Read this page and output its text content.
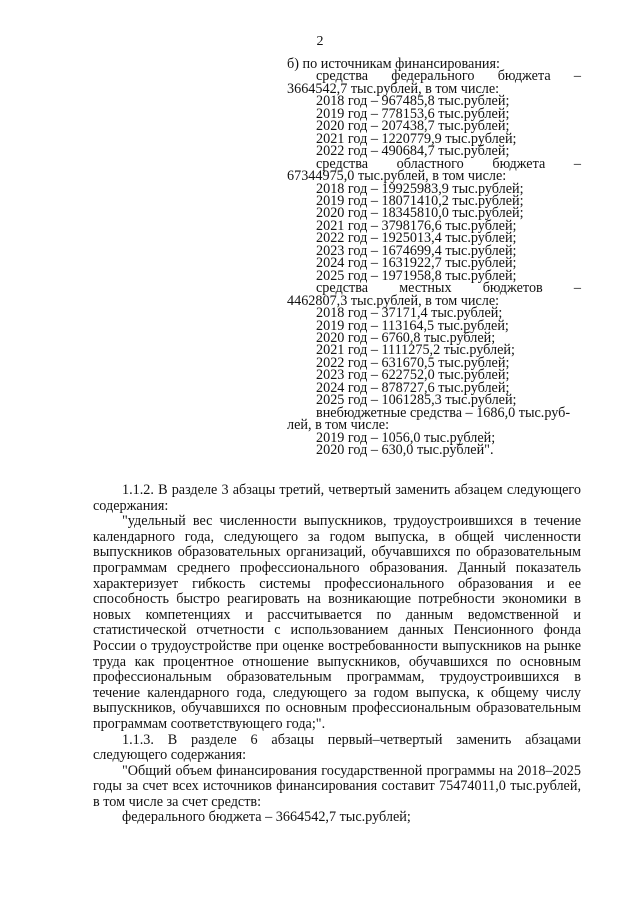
2
б) по источникам финансирования:
средства федерального бюджета –
3664542,7 тыс.рублей, в том числе:
2018 год – 967485,8 тыс.рублей;
2019 год – 778153,6 тыс.рублей;
2020 год – 207438,7 тыс.рублей;
2021 год – 1220779,9 тыс.рублей;
2022 год – 490684,7 тыс.рублей;
средства областного бюджета –
67344975,0 тыс.рублей, в том числе:
2018 год – 19925983,9 тыс.рублей;
2019 год – 18071410,2 тыс.рублей;
2020 год – 18345810,0 тыс.рублей;
2021 год – 3798176,6 тыс.рублей;
2022 год – 1925013,4 тыс.рублей;
2023 год – 1674699,4 тыс.рублей;
2024 год – 1631922,7 тыс.рублей;
2025 год – 1971958,8 тыс.рублей;
средства местных бюджетов –
4462807,3 тыс.рублей, в том числе:
2018 год – 37171,4 тыс.рублей;
2019 год – 113164,5 тыс.рублей;
2020 год – 6760,8 тыс.рублей;
2021 год – 1111275,2 тыс.рублей;
2022 год – 631670,5 тыс.рублей;
2023 год – 622752,0 тыс.рублей;
2024 год – 878727,6 тыс.рублей;
2025 год – 1061285,3 тыс.рублей;
внебюджетные средства – 1686,0 тыс.руб-
лей, в том числе:
2019 год – 1056,0 тыс.рублей;
2020 год – 630,0 тыс.рублей".
1.1.2. В разделе 3 абзацы третий, четвертый заменить абзацем следующего содержания:
"удельный вес численности выпускников, трудоустроившихся в течение календарного года, следующего за годом выпуска, в общей численности выпускников образовательных организаций, обучавшихся по образовательным программам среднего профессионального образования. Данный показатель характеризует гибкость системы профессионального образования и ее способность быстро реагировать на возникающие потребности экономики в новых компетенциях и рассчитывается по данным ведомственной и статистической отчетности с использованием данных Пенсионного фонда России о трудоустройстве при оценке востребованности выпускников на рынке труда как процентное отношение выпускников, обучавшихся по основным профессиональным образовательным программам, трудоустроившихся в течение календарного года, следующего за годом выпуска, к общему числу выпускников, обучавшихся по основным профессиональным образовательным программам соответствующего года;".
1.1.3. В разделе 6 абзацы первый–четвертый заменить абзацами следующего содержания:
"Общий объем финансирования государственной программы на 2018–2025 годы за счет всех источников финансирования составит 75474011,0 тыс.рублей, в том числе за счет средств:
федерального бюджета – 3664542,7 тыс.рублей;
